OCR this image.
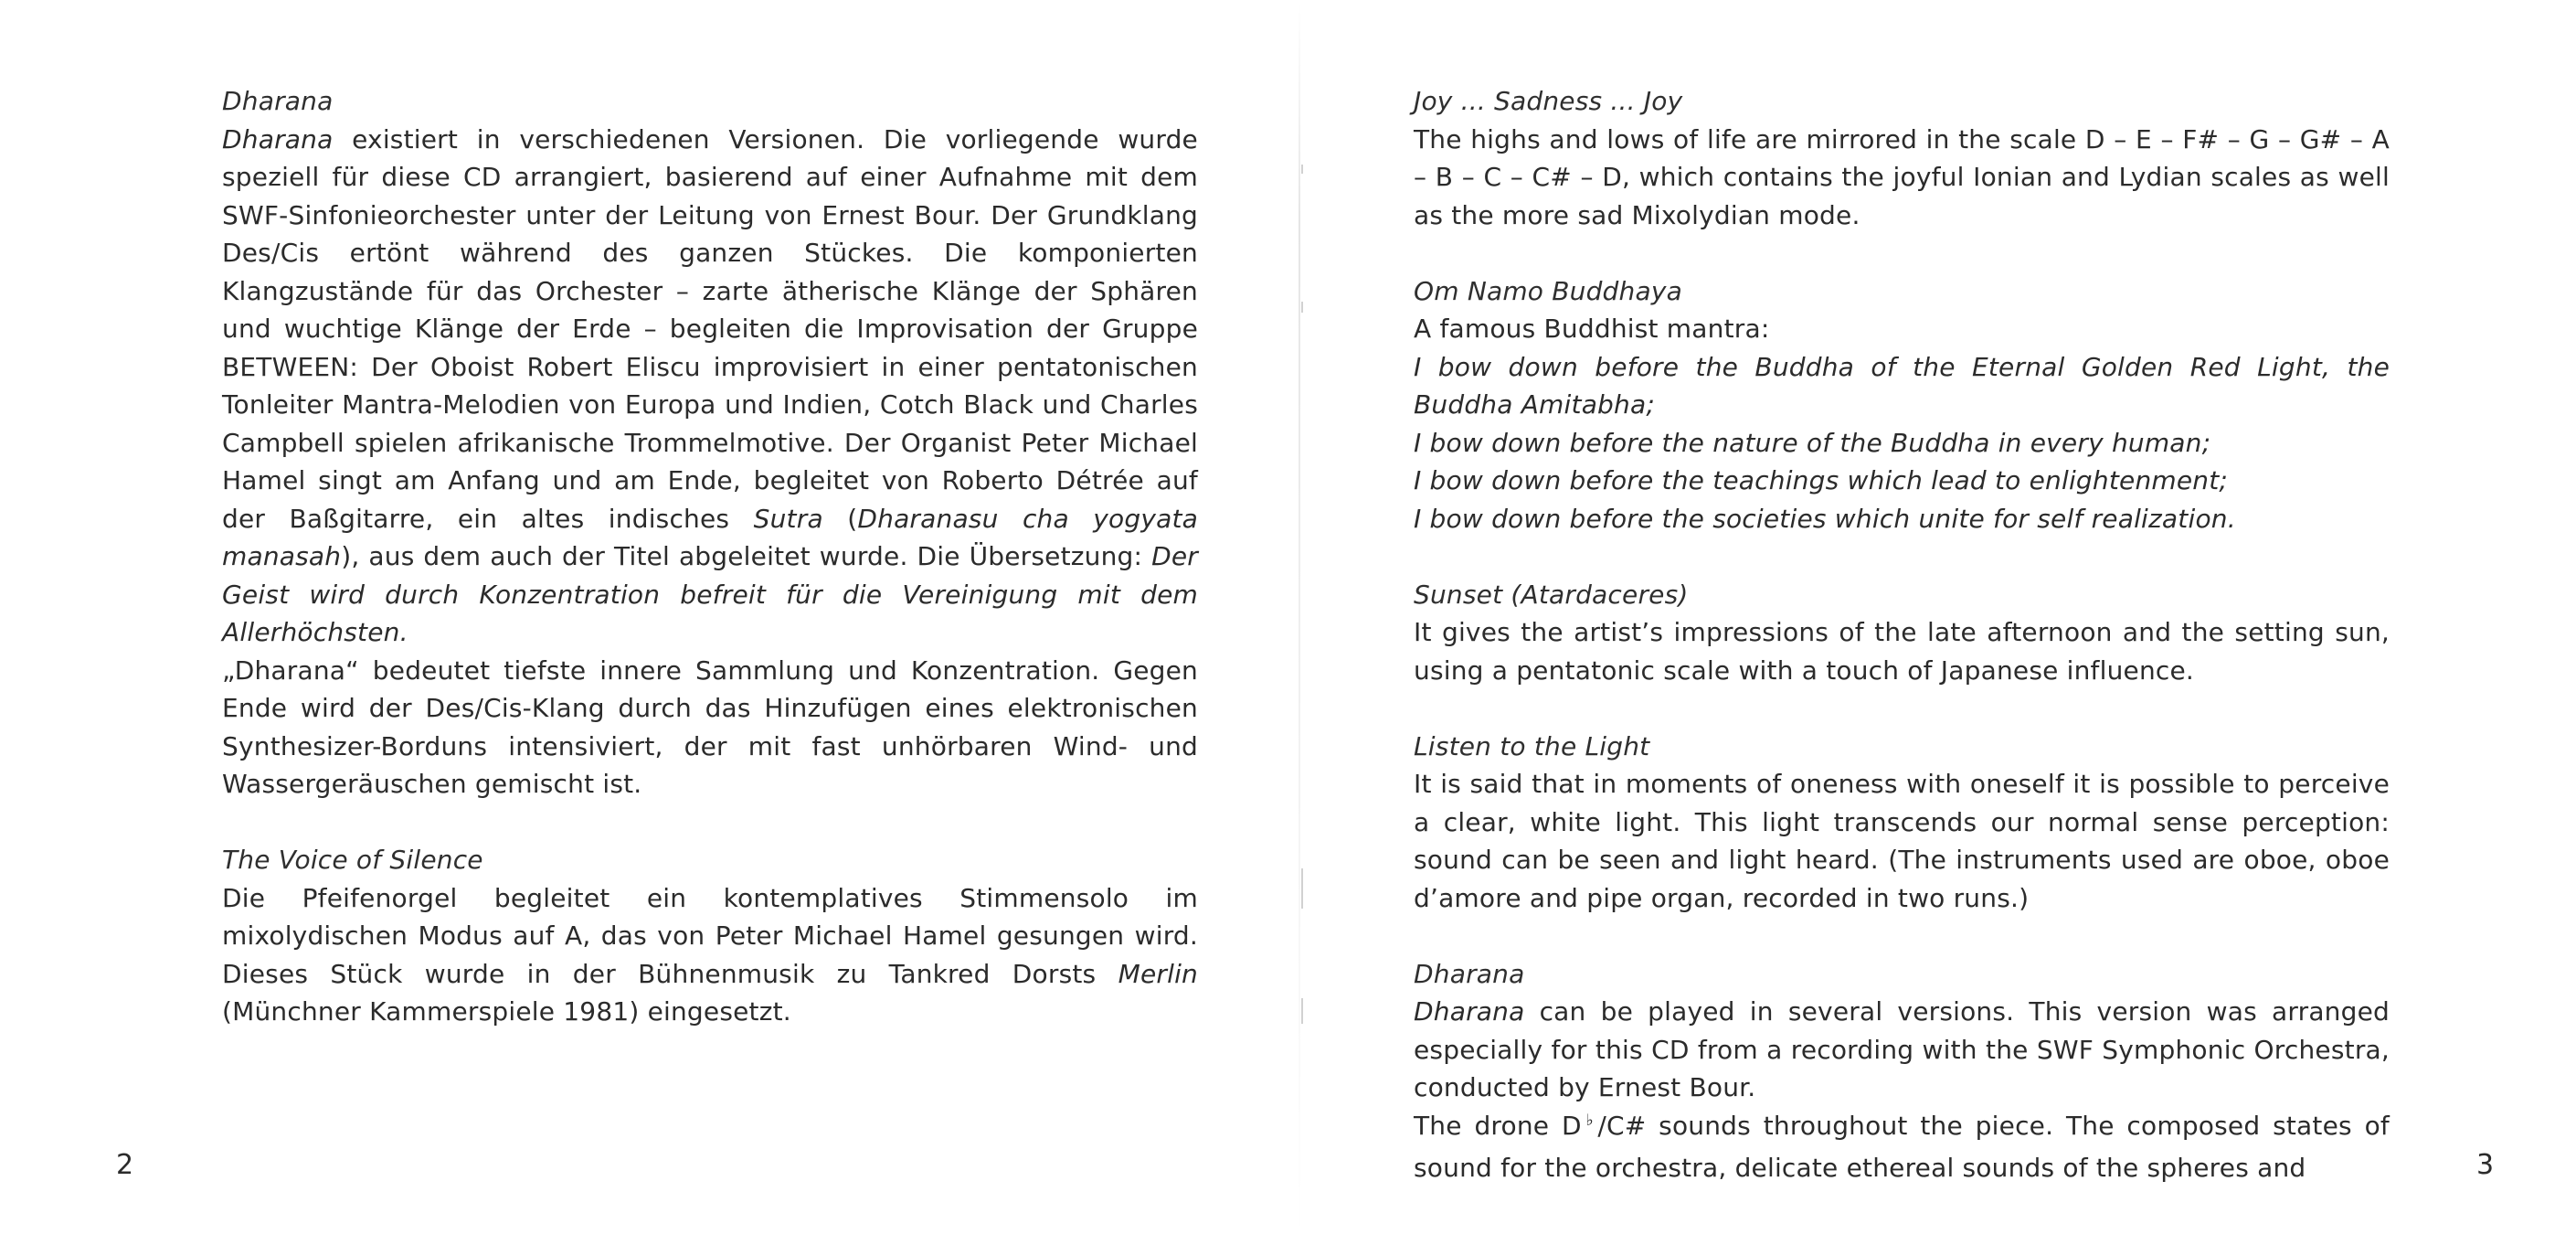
Dharana
Dharana existiert in verschiedenen Versionen. Die vorliegende wurde speziell für diese CD arrangiert, basierend auf einer Aufnahme mit dem SWF-Sinfonieorchester unter der Leitung von Ernest Bour. Der Grundklang Des/Cis ertönt während des ganzen Stückes. Die komponierten Klangzustände für das Orchester – zarte ätherische Klänge der Sphären und wuchtige Klänge der Erde – begleiten die Improvisation der Gruppe BETWEEN: Der Oboist Robert Eliscu improvisiert in einer pentatonischen Tonleiter Mantra-Melodien von Europa und Indien, Cotch Black und Charles Campbell spielen afrikanische Trommelmotive. Der Organist Peter Michael Hamel singt am Anfang und am Ende, begleitet von Roberto Détrée auf der Baßgitarre, ein altes indisches Sutra (Dharanasu cha yogyata manasah), aus dem auch der Titel abgeleitet wurde. Die Übersetzung: Der Geist wird durch Konzentration befreit für die Vereinigung mit dem Allerhöchsten.
„Dharana“ bedeutet tiefste innere Sammlung und Konzentration. Gegen Ende wird der Des/Cis-Klang durch das Hinzufügen eines elektronischen Synthesizer-Borduns intensiviert, der mit fast unhörbaren Wind- und Wassergeräuschen gemischt ist.
The Voice of Silence
Die Pfeifenorgel begleitet ein kontemplatives Stimmensolo im mixolydischen Modus auf A, das von Peter Michael Hamel gesungen wird. Dieses Stück wurde in der Bühnenmusik zu Tankred Dorsts Merlin (Münchner Kammerspiele 1981) eingesetzt.
2
Joy ... Sadness ... Joy
The highs and lows of life are mirrored in the scale D – E – F# – G – G# – A – B – C – C# – D, which contains the joyful Ionian and Lydian scales as well as the more sad Mixolydian mode.
Om Namo Buddhaya
A famous Buddhist mantra:
I bow down before the Buddha of the Eternal Golden Red Light, the Buddha Amitabha;
I bow down before the nature of the Buddha in every human;
I bow down before the teachings which lead to enlightenment;
I bow down before the societies which unite for self realization.
Sunset (Atardaceres)
It gives the artist’s impressions of the late afternoon and the setting sun, using a pentatonic scale with a touch of Japanese influence.
Listen to the Light
It is said that in moments of oneness with oneself it is possible to perceive a clear, white light. This light transcends our normal sense perception: sound can be seen and light heard. (The instruments used are oboe, oboe d’amore and pipe organ, recorded in two runs.)
Dharana
Dharana can be played in several versions. This version was arranged especially for this CD from a recording with the SWF Symphonic Orchestra, conducted by Ernest Bour.
The drone D♭/C# sounds throughout the piece. The composed states of sound for the orchestra, delicate ethereal sounds of the spheres and	3
